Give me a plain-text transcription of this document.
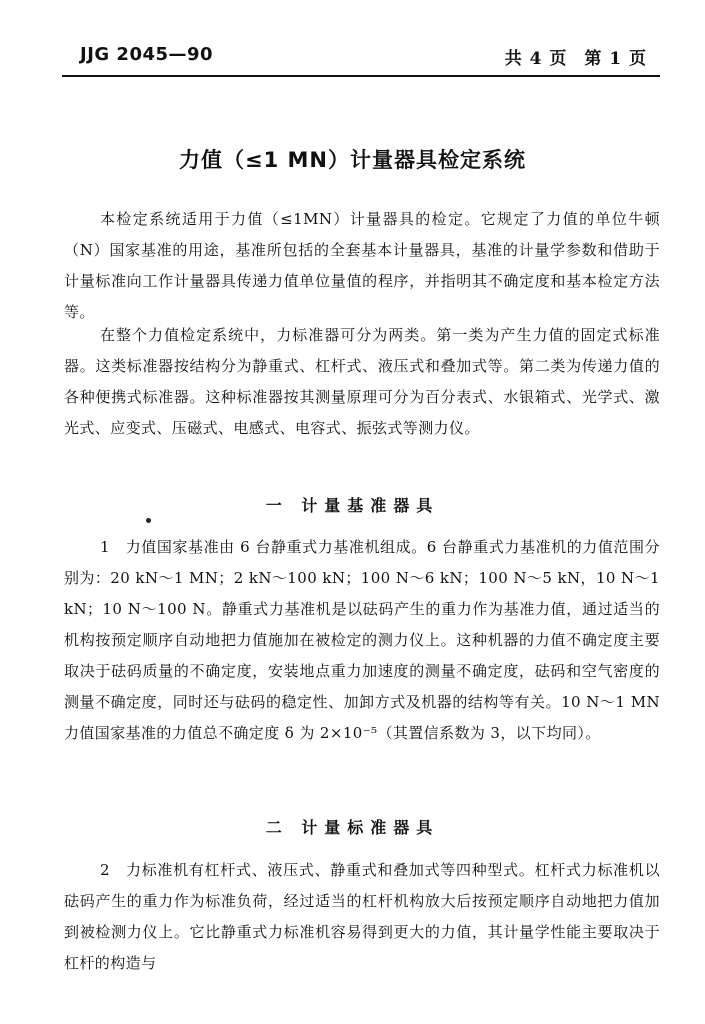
JJG 2045—90	共 4 页 第 1 页
力值（≤1 MN）计量器具检定系统

本检定系统适用于力值（≤1MN）计量器具的检定。它规定了力值的单位牛顿（N）国家基准的用途，基准所包括的全套基本计量器具，基准的计量学参数和借助于计量标准向工作计量器具传递力值单位量值的程序，并指明其不确定度和基本检定方法等。

在整个力值检定系统中，力标准器可分为两类。第一类为产生力值的固定式标准器。这类标准器按结构分为静重式、杠杆式、液压式和叠加式等。第二类为传递力值的各种便携式标准器。这种标准器按其测量原理可分为百分表式、水银箱式、光学式、激光式、应变式、压磁式、电感式、电容式、振弦式等测力仪。

一 计量基准器具

1　力值国家基准由 6 台静重式力基准机组成。6 台静重式力基准机的力值范围分别为：20 kN～1 MN；2 kN～100 kN；100 N～6 kN；100 N～5 kN，10 N～1 kN；10 N～100 N。静重式力基准机是以砝码产生的重力作为基准力值，通过适当的机构按预定顺序自动地把力值施加在被检定的测力仪上。这种机器的力值不确定度主要取决于砝码质量的不确定度，安装地点重力加速度的测量不确定度，砝码和空气密度的测量不确定度，同时还与砝码的稳定性、加卸方式及机器的结构等有关。10 N～1 MN 力值国家基准的力值总不确定度 δ 为 2×10⁻⁵（其置信系数为 3，以下均同）。

二 计量标准器具

2　力标准机有杠杆式、液压式、静重式和叠加式等四种型式。杠杆式力标准机以砝码产生的重力作为标准负荷，经过适当的杠杆机构放大后按预定顺序自动地把力值加到被检测力仪上。它比静重式力标准机容易得到更大的力值，其计量学性能主要取决于杠杆的构造与
